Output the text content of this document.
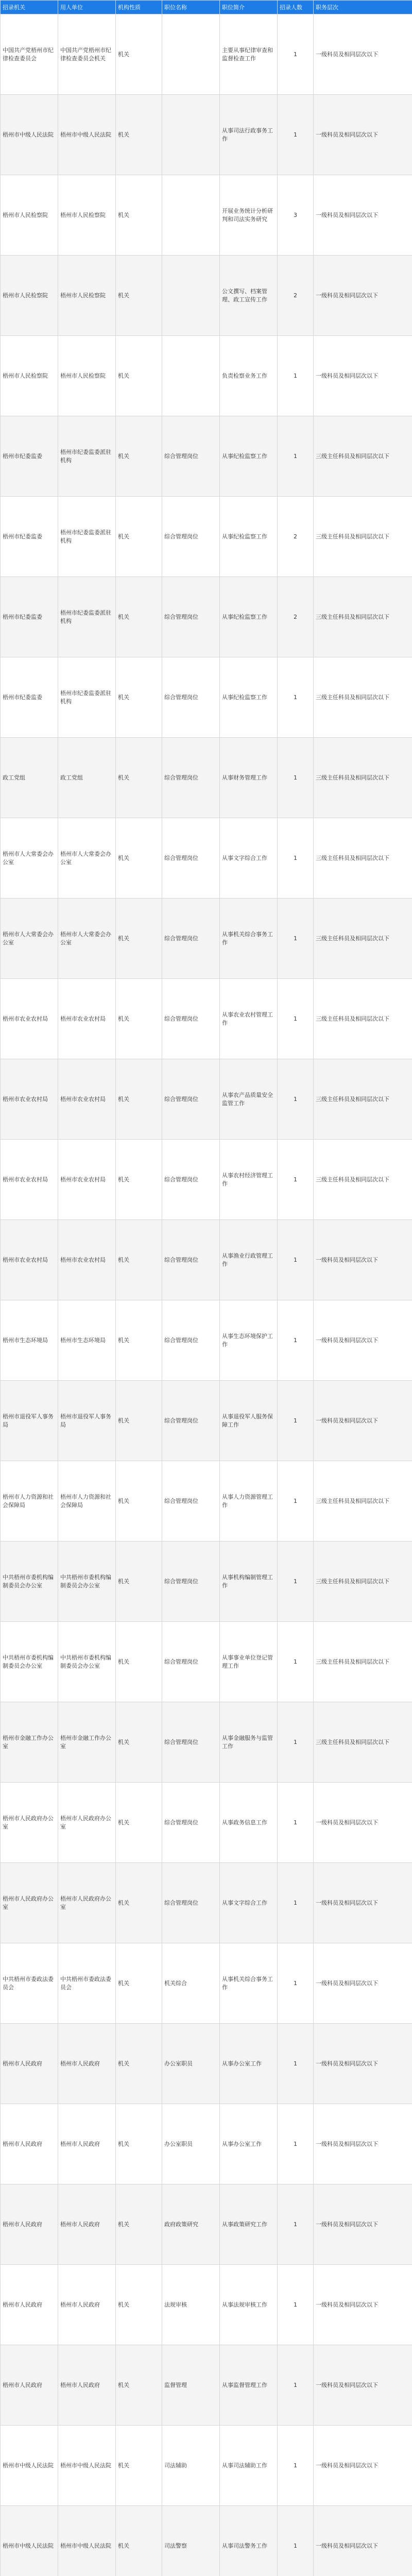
招录机关	用人单位	机构性质	职位名称	职位简介	招录人数	职务层次
中国共产党梧州市纪律检查委员会	中国共产党梧州市纪律检查委员会机关	机关		主要从事纪律审查和监督检查工作	1	一级科员及相同层次以下
梧州市中级人民法院	梧州市中级人民法院	机关		从事司法行政事务工作	1	一级科员及相同层次以下
梧州市人民检察院	梧州市人民检察院	机关		开展业务统计分析研判和司法实务研究	3	一级科员及相同层次以下
梧州市人民检察院	梧州市人民检察院	机关		公文撰写、档案管理、政工宣传工作	2	一级科员及相同层次以下
梧州市人民检察院	梧州市人民检察院	机关		负责检察业务工作	1	一级科员及相同层次以下
梧州市纪委监委	梧州市纪委监委派驻机构	机关	综合管理岗位	从事纪检监察工作	1	三级主任科员及相同层次以下
梧州市纪委监委	梧州市纪委监委派驻机构	机关	综合管理岗位	从事纪检监察工作	2	三级主任科员及相同层次以下
梧州市纪委监委	梧州市纪委监委派驻机构	机关	综合管理岗位	从事纪检监察工作	2	三级主任科员及相同层次以下
梧州市纪委监委	梧州市纪委监委派驻机构	机关	综合管理岗位	从事纪检监察工作	1	三级主任科员及相同层次以下
政工党组	政工党组	机关	综合管理岗位	从事财务管理工作	1	三级主任科员及相同层次以下
梧州市人大常委会办公室	梧州市人大常委会办公室	机关	综合管理岗位	从事文字综合工作	1	三级主任科员及相同层次以下
梧州市人大常委会办公室	梧州市人大常委会办公室	机关	综合管理岗位	从事机关综合事务工作	1	三级主任科员及相同层次以下
梧州市农业农村局	梧州市农业农村局	机关	综合管理岗位	从事农业农村管理工作	1	三级主任科员及相同层次以下
梧州市农业农村局	梧州市农业农村局	机关	综合管理岗位	从事农产品质量安全监管工作	1	三级主任科员及相同层次以下
梧州市农业农村局	梧州市农业农村局	机关	综合管理岗位	从事农村经济管理工作	1	三级主任科员及相同层次以下
梧州市农业农村局	梧州市农业农村局	机关	综合管理岗位	从事渔业行政管理工作	1	一级科员及相同层次以下
梧州市生态环境局	梧州市生态环境局	机关	综合管理岗位	从事生态环境保护工作	1	一级科员及相同层次以下
梧州市退役军人事务局	梧州市退役军人事务局	机关	综合管理岗位	从事退役军人服务保障工作	1	一级科员及相同层次以下
梧州市人力资源和社会保障局	梧州市人力资源和社会保障局	机关	综合管理岗位	从事人力资源管理工作	1	三级主任科员及相同层次以下
中共梧州市委机构编制委员会办公室	中共梧州市委机构编制委员会办公室	机关	综合管理岗位	从事机构编制管理工作	1	三级主任科员及相同层次以下
中共梧州市委机构编制委员会办公室	中共梧州市委机构编制委员会办公室	机关	综合管理岗位	从事事业单位登记管理工作	1	三级主任科员及相同层次以下
梧州市金融工作办公室	梧州市金融工作办公室	机关	综合管理岗位	从事金融服务与监管工作	1	三级主任科员及相同层次以下
梧州市人民政府办公室	梧州市人民政府办公室	机关	综合管理岗位	从事政务信息工作	1	一级科员及相同层次以下
梧州市人民政府办公室	梧州市人民政府办公室	机关	综合管理岗位	从事文字综合工作	1	一级科员及相同层次以下
中共梧州市委政法委员会	中共梧州市委政法委员会	机关	机关综合	从事机关综合事务工作	1	一级科员及相同层次以下
梧州市人民政府	梧州市人民政府	机关	办公室职员	从事办公室工作	1	一级科员及相同层次以下
梧州市人民政府	梧州市人民政府	机关	办公室职员	从事办公室工作	1	一级科员及相同层次以下
梧州市人民政府	梧州市人民政府	机关	政府政策研究	从事政策研究工作	1	一级科员及相同层次以下
梧州市人民政府	梧州市人民政府	机关	法规审核	从事法规审核工作	1	一级科员及相同层次以下
梧州市人民政府	梧州市人民政府	机关	监督管理	从事监督管理工作	1	一级科员及相同层次以下
梧州市中级人民法院	梧州市中级人民法院	机关	司法辅助	从事司法辅助工作	1	一级科员及相同层次以下
梧州市中级人民法院	梧州市中级人民法院	机关	司法警察	从事司法警务工作	1	一级科员及相同层次以下
